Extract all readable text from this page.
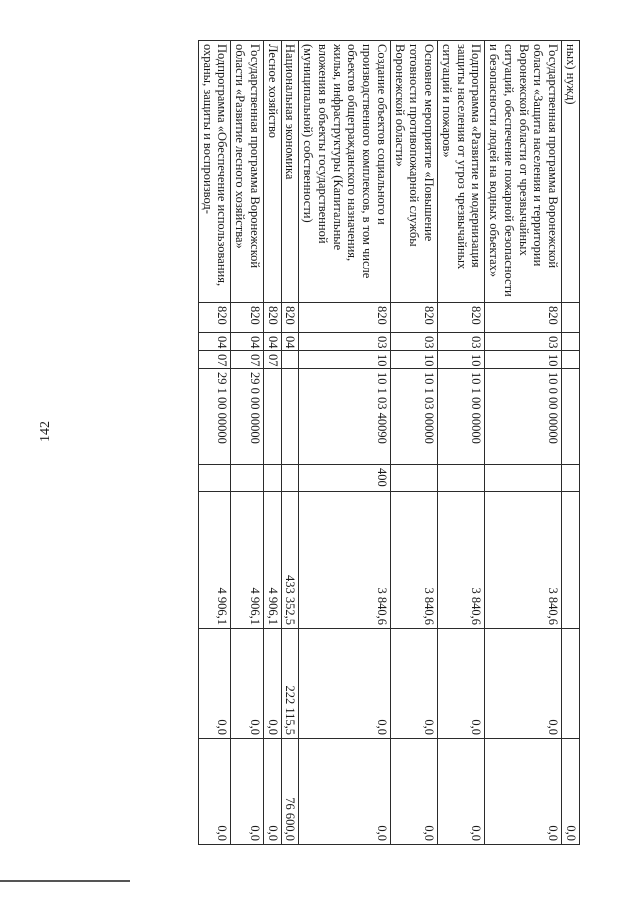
142
ных) нужд)								0,0
Государственная программа Воронежской области «Защита населения и территории Воронежской области от чрезвычайных ситуаций, обеспечение пожарной безопасности и безопасности людей на водных объектах»	820	03	10	10 0 00 00000		3 840,6	0,0	0,0
Подпрограмма «Развитие и модернизация защиты населения от угроз чрезвычайных ситуаций и пожаров»	820	03	10	10 1 00 00000		3 840,6	0,0	0,0
Основное мероприятие «Повышение готовности противопожарной службы Воронежской области»	820	03	10	10 1 03 00000		3 840,6	0,0	0,0
Создание объектов социального и производственного комплексов, в том числе объектов общегражданского назначения, жилья, инфраструктуры (Капитальные вложения в объекты государственной (муниципальной) собственности)	820	03	10	10 1 03 40090	400	3 840,6	0,0	0,0
Национальная экономика	820	04				433 352,5	222 115,5	76 600,0
Лесное хозяйство	820	04	07			4 906,1	0,0	0,0
Государственная программа Воронежской области «Развитие лесного хозяйства»	820	04	07	29 0 00 00000		4 906,1	0,0	0,0
Подпрограмма «Обеспечение использования, охраны, защиты и воспроизвод-	820	04	07	29 1 00 00000		4 906,1	0,0	0,0
